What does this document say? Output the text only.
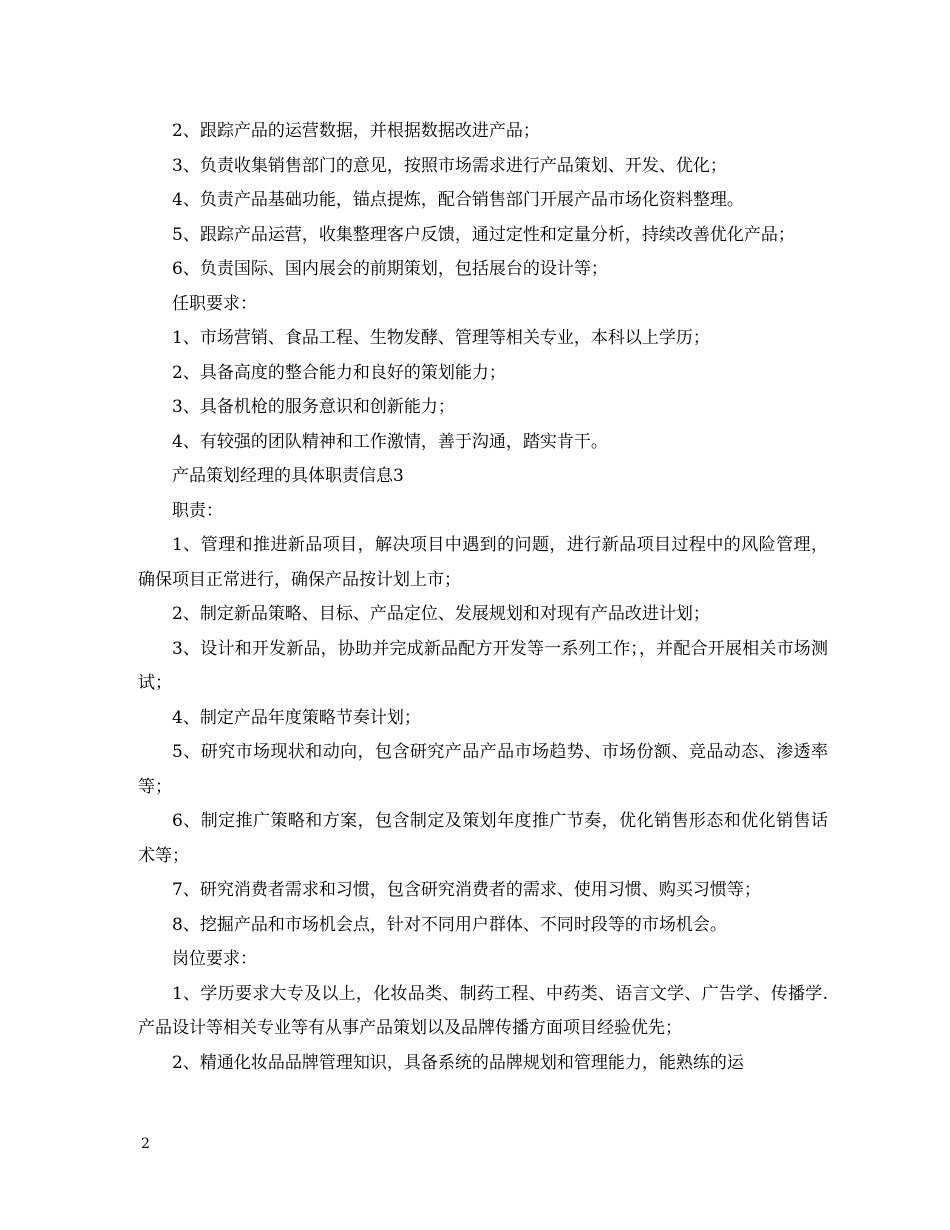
2、跟踪产品的运营数据，并根据数据改进产品；

3、负责收集销售部门的意见，按照市场需求进行产品策划、开发、优化；

4、负责产品基础功能，锚点提炼，配合销售部门开展产品市场化资料整理。

5、跟踪产品运营，收集整理客户反馈，通过定性和定量分析，持续改善优化产品；

6、负责国际、国内展会的前期策划，包括展台的设计等；

任职要求：

1、市场营销、食品工程、生物发酵、管理等相关专业，本科以上学历；

2、具备高度的整合能力和良好的策划能力；

3、具备机枪的服务意识和创新能力；

4、有较强的团队精神和工作激情，善于沟通，踏实肯干。

产品策划经理的具体职责信息3

职责：

1、管理和推进新品项目，解决项目中遇到的问题，进行新品项目过程中的风险管理，确保项目正常进行，确保产品按计划上市；

2、制定新品策略、目标、产品定位、发展规划和对现有产品改进计划；

3、设计和开发新品，协助并完成新品配方开发等一系列工作；，并配合开展相关市场测试；

4、制定产品年度策略节奏计划；

5、研究市场现状和动向，包含研究产品产品市场趋势、市场份额、竞品动态、渗透率等；

6、制定推广策略和方案，包含制定及策划年度推广节奏，优化销售形态和优化销售话术等；

7、研究消费者需求和习惯，包含研究消费者的需求、使用习惯、购买习惯等；

8、挖掘产品和市场机会点，针对不同用户群体、不同时段等的市场机会。

岗位要求：

1、学历要求大专及以上，化妆品类、制药工程、中药类、语言文学、广告学、传播学.产品设计等相关专业等有从事产品策划以及品牌传播方面项目经验优先；

2、精通化妆品品牌管理知识，具备系统的品牌规划和管理能力，能熟练的运

2
